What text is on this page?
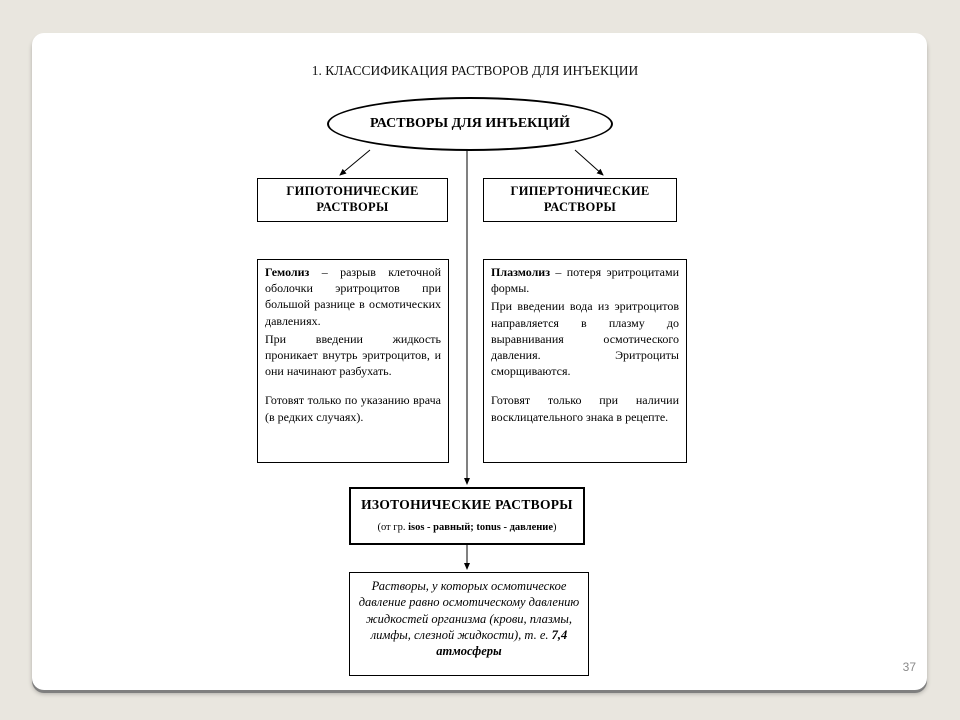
1. КЛАССИФИКАЦИЯ РАСТВОРОВ ДЛЯ ИНЪЕКЦИИ
РАСТВОРЫ ДЛЯ ИНЪЕКЦИЙ
ГИПОТОНИЧЕСКИЕ
РАСТВОРЫ
ГИПЕРТОНИЧЕСКИЕ
РАСТВОРЫ

Гемолиз – разрыв клеточной оболочки эритроцитов при большой разнице в осмотических давлениях.

При введении жидкость проникает внутрь эритроцитов, и они начинают разбухать.

Готовят только по указанию врача (в редких случаях).

Плазмолиз – потеря эритроцитами формы.

При введении вода из эритроцитов направляется в плазму до выравнивания осмотического давления. Эритроциты сморщиваются.

Готовят только при наличии восклицательного знака в рецепте.

ИЗОТОНИЧЕСКИЕ РАСТВОРЫ
(от гр. isos - равный; tonus - давление)
Растворы, у которых осмотическое давление равно осмотическому давлению жидкостей организма (крови, плазмы, лимфы, слезной жидкости), т. е. 7,4 атмосферы
37
